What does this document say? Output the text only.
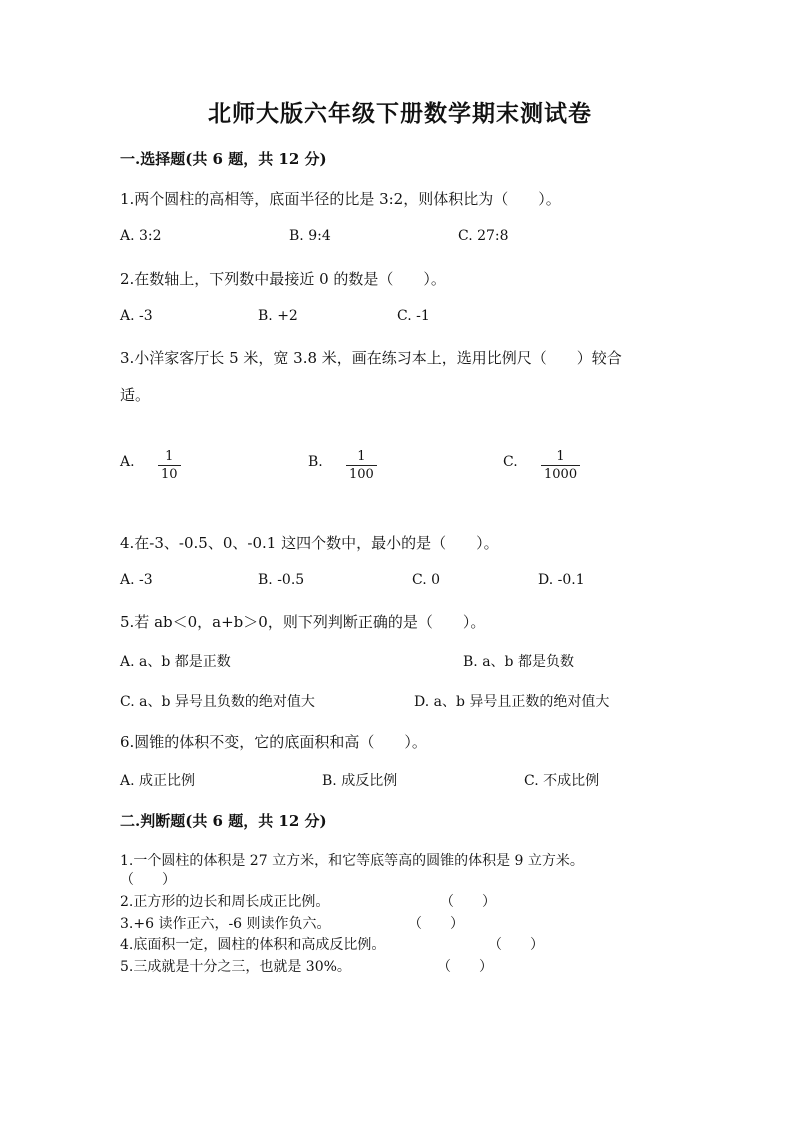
北师大版六年级下册数学期末测试卷
一.选择题(共 6 题，共 12 分)
1.两个圆柱的高相等，底面半径的比是 3:2，则体积比为（　　）。
A. 3:2	B. 9:4	C. 27:8
2.在数轴上，下列数中最接近 0 的数是（　　）。
A. -3	B. +2	C. -1
3.小洋家客厅长 5 米，宽 3.8 米，画在练习本上，选用比例尺（　　）较合
适。
A. $\frac{1}{10}$	B. $\frac{1}{100}$	C. $\frac{1}{1000}$
4.在-3、-0.5、0、-0.1 这四个数中，最小的是（　　）。
A. -3	B. -0.5	C. 0	D. -0.1
5.若 ab＜0，a+b＞0，则下列判断正确的是（　　）。
A. a、b 都是正数	B. a、b 都是负数
C. a、b 异号且负数的绝对值大	D. a、b 异号且正数的绝对值大
6.圆锥的体积不变，它的底面积和高（　　）。
A. 成正比例	B. 成反比例	C. 不成比例
二.判断题(共 6 题，共 12 分)
1.一个圆柱的体积是 27 立方米，和它等底等高的圆锥的体积是 9 立方米。
（　　）
2.正方形的边长和周长成正比例。	（　　）
3.+6 读作正六，-6 则读作负六。	（　　）
4.底面积一定，圆柱的体积和高成反比例。	（　　）
5.三成就是十分之三，也就是 30%。	（　　）
